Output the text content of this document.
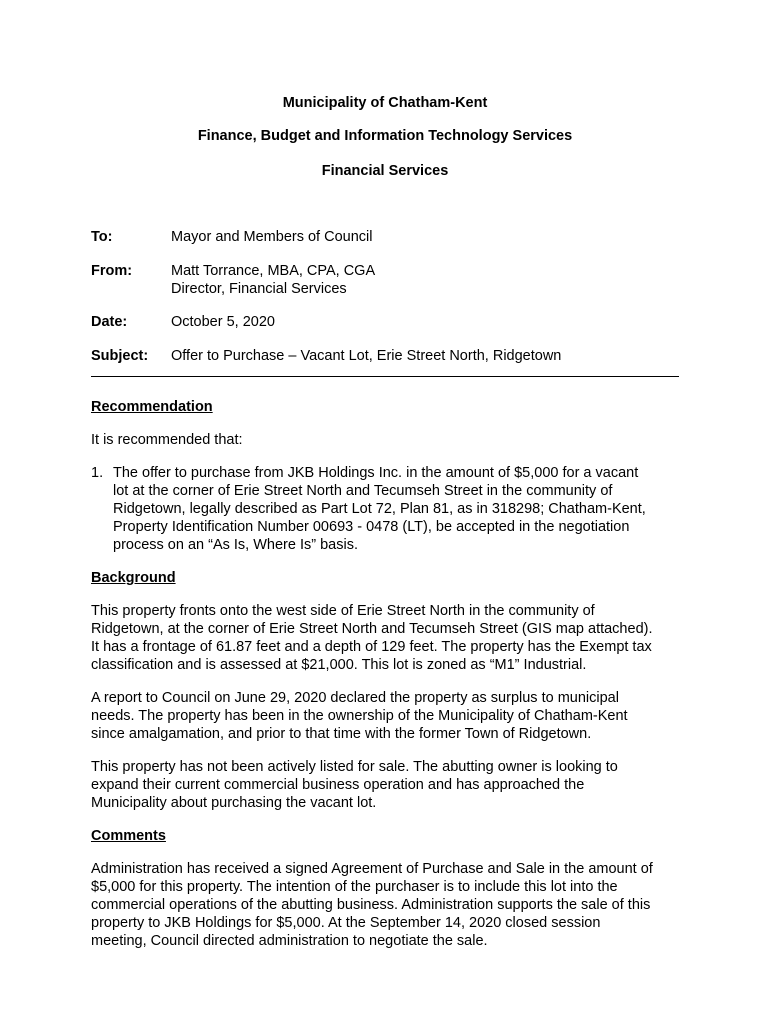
Municipality of Chatham-Kent
Finance, Budget and Information Technology Services
Financial Services
To:	Mayor and Members of Council
From:	Matt Torrance, MBA, CPA, CGA
Director, Financial Services
Date:	October 5, 2020
Subject: Offer to Purchase – Vacant Lot, Erie Street North, Ridgetown
Recommendation
It is recommended that:
1. The offer to purchase from JKB Holdings Inc. in the amount of $5,000 for a vacant
lot at the corner of Erie Street North and Tecumseh Street in the community of
Ridgetown, legally described as Part Lot 72, Plan 81, as in 318298; Chatham-Kent,
Property Identification Number 00693 - 0478 (LT), be accepted in the negotiation
process on an “As Is, Where Is” basis.
Background
This property fronts onto the west side of Erie Street North in the community of
Ridgetown, at the corner of Erie Street North and Tecumseh Street (GIS map attached).
It has a frontage of 61.87 feet and a depth of 129 feet. The property has the Exempt tax
classification and is assessed at $21,000. This lot is zoned as “M1” Industrial.
A report to Council on June 29, 2020 declared the property as surplus to municipal
needs. The property has been in the ownership of the Municipality of Chatham-Kent
since amalgamation, and prior to that time with the former Town of Ridgetown.
This property has not been actively listed for sale. The abutting owner is looking to
expand their current commercial business operation and has approached the
Municipality about purchasing the vacant lot.
Comments
Administration has received a signed Agreement of Purchase and Sale in the amount of
$5,000 for this property. The intention of the purchaser is to include this lot into the
commercial operations of the abutting business. Administration supports the sale of this
property to JKB Holdings for $5,000. At the September 14, 2020 closed session
meeting, Council directed administration to negotiate the sale.
